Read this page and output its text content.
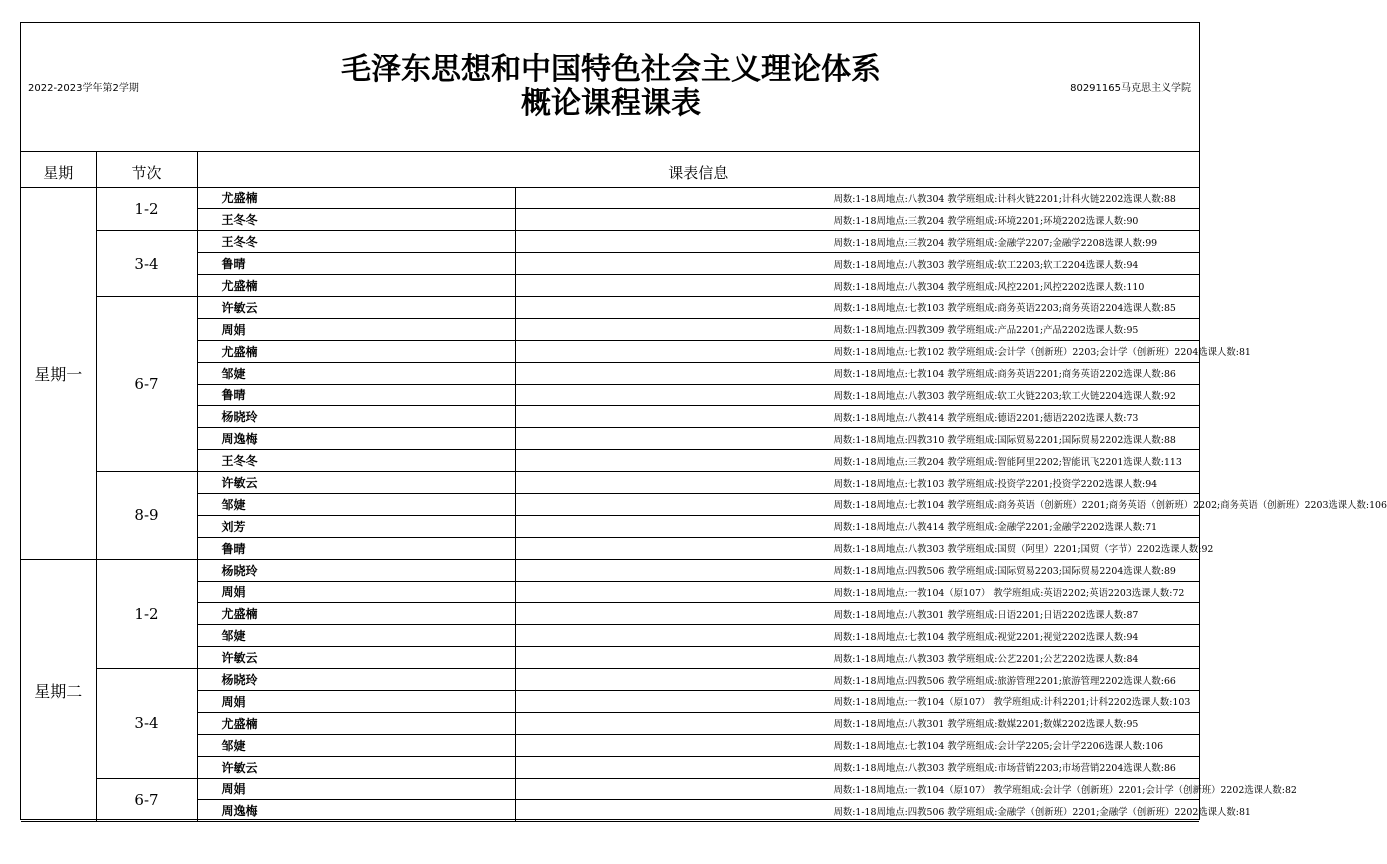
2022-2023学年第2学期
毛泽东思想和中国特色社会主义理论体系
概论课程课表	80291165马克思主义学院
星期	节次	课表信息	
星期一	1-2	尤盛楠	周数:1-18周地点:八教304 教学班组成:计科火链2201;计科火链2202选课人数:88
		王冬冬	周数:1-18周地点:三教204 教学班组成:环境2201;环境2202选课人数:90
	3-4	王冬冬	周数:1-18周地点:三教204 教学班组成:金融学2207;金融学2208选课人数:99
		鲁晴	周数:1-18周地点:八教303 教学班组成:软工2203;软工2204选课人数:94
		尤盛楠	周数:1-18周地点:八教304 教学班组成:风控2201;风控2202选课人数:110
	6-7	许敏云	周数:1-18周地点:七教103 教学班组成:商务英语2203;商务英语2204选课人数:85
		周娟	周数:1-18周地点:四教309 教学班组成:产品2201;产品2202选课人数:95
		尤盛楠	周数:1-18周地点:七教102 教学班组成:会计学（创新班）2203;会计学（创新班）2204选课人数:81
		邹婕	周数:1-18周地点:七教104 教学班组成:商务英语2201;商务英语2202选课人数:86
		鲁晴	周数:1-18周地点:八教303 教学班组成:软工火链2203;软工火链2204选课人数:92
		杨晓玲	周数:1-18周地点:八教414 教学班组成:德语2201;德语2202选课人数:73
		周逸梅	周数:1-18周地点:四教310 教学班组成:国际贸易2201;国际贸易2202选课人数:88
		王冬冬	周数:1-18周地点:三教204 教学班组成:智能阿里2202;智能讯飞2201选课人数:113
	8-9	许敏云	周数:1-18周地点:七教103 教学班组成:投资学2201;投资学2202选课人数:94
		邹婕	周数:1-18周地点:七教104 教学班组成:商务英语（创新班）2201;商务英语（创新班）2202;商务英语（创新班）2203选课人数:106
		刘芳	周数:1-18周地点:八教414 教学班组成:金融学2201;金融学2202选课人数:71
		鲁晴	周数:1-18周地点:八教303 教学班组成:国贸（阿里）2201;国贸（字节）2202选课人数:92
星期二	1-2	杨晓玲	周数:1-18周地点:四教506 教学班组成:国际贸易2203;国际贸易2204选课人数:89
		周娟	周数:1-18周地点:一教104（原107） 教学班组成:英语2202;英语2203选课人数:72
		尤盛楠	周数:1-18周地点:八教301 教学班组成:日语2201;日语2202选课人数:87
		邹婕	周数:1-18周地点:七教104 教学班组成:视觉2201;视觉2202选课人数:94
		许敏云	周数:1-18周地点:八教303 教学班组成:公艺2201;公艺2202选课人数:84
	3-4	杨晓玲	周数:1-18周地点:四教506 教学班组成:旅游管理2201;旅游管理2202选课人数:66
		周娟	周数:1-18周地点:一教104（原107） 教学班组成:计科2201;计科2202选课人数:103
		尤盛楠	周数:1-18周地点:八教301 教学班组成:数媒2201;数媒2202选课人数:95
		邹婕	周数:1-18周地点:七教104 教学班组成:会计学2205;会计学2206选课人数:106
		许敏云	周数:1-18周地点:八教303 教学班组成:市场营销2203;市场营销2204选课人数:86
	6-7	周娟	周数:1-18周地点:一教104（原107） 教学班组成:会计学（创新班）2201;会计学（创新班）2202选课人数:82
		周逸梅	周数:1-18周地点:四教506 教学班组成:金融学（创新班）2201;金融学（创新班）2202选课人数:81
